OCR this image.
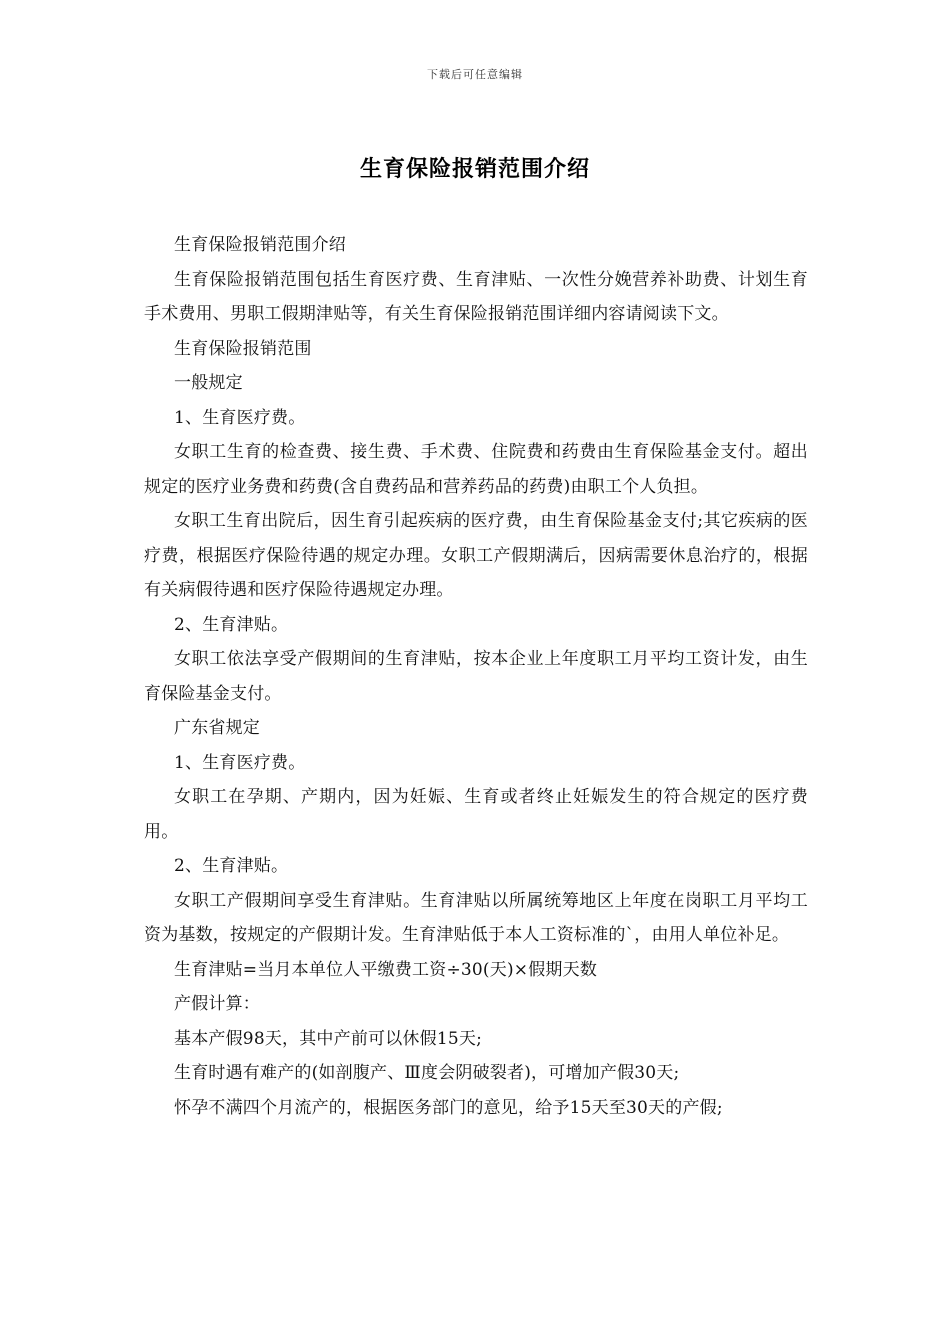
下载后可任意编辑
生育保险报销范围介绍

生育保险报销范围介绍

生育保险报销范围包括生育医疗费、生育津贴、一次性分娩营养补助费、计划生育手术费用、男职工假期津贴等，有关生育保险报销范围详细内容请阅读下文。

生育保险报销范围

一般规定

1、生育医疗费。

女职工生育的检查费、接生费、手术费、住院费和药费由生育保险基金支付。超出规定的医疗业务费和药费(含自费药品和营养药品的药费)由职工个人负担。

女职工生育出院后，因生育引起疾病的医疗费，由生育保险基金支付;其它疾病的医疗费，根据医疗保险待遇的规定办理。女职工产假期满后，因病需要休息治疗的，根据有关病假待遇和医疗保险待遇规定办理。

2、生育津贴。

女职工依法享受产假期间的生育津贴，按本企业上年度职工月平均工资计发，由生育保险基金支付。

广东省规定

1、生育医疗费。

女职工在孕期、产期内，因为妊娠、生育或者终止妊娠发生的符合规定的医疗费用。

2、生育津贴。

女职工产假期间享受生育津贴。生育津贴以所属统筹地区上年度在岗职工月平均工资为基数，按规定的产假期计发。生育津贴低于本人工资标准的`，由用人单位补足。

生育津贴=当月本单位人平缴费工资÷30(天)×假期天数

产假计算：

基本产假98天，其中产前可以休假15天;

生育时遇有难产的(如剖腹产、Ⅲ度会阴破裂者)，可增加产假30天;

怀孕不满四个月流产的，根据医务部门的意见，给予15天至30天的产假;
